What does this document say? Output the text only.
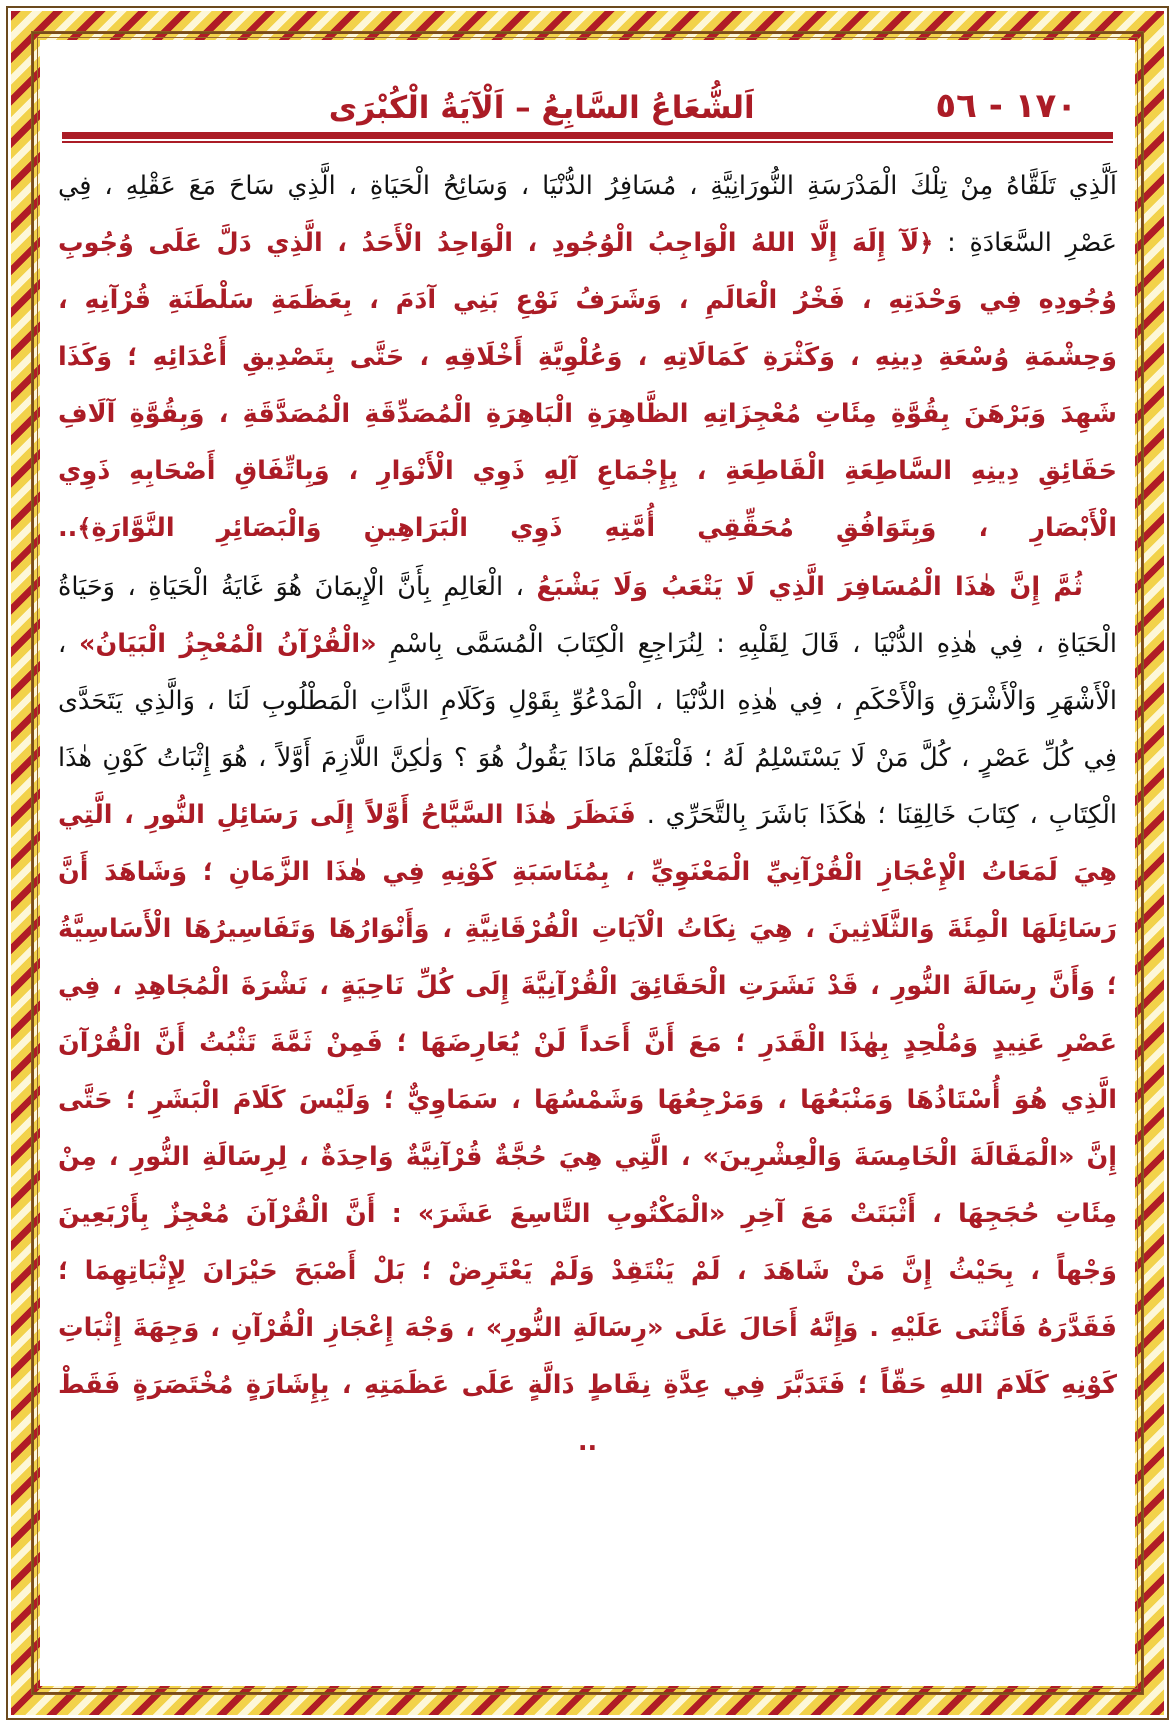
١٧٠ - ٥٦
اَلشُّعَاعُ السَّابِعُ – اَلْآيَةُ الْكُبْرَى

اَلَّذِي تَلَقَّاهُ مِنْ تِلْكَ الْمَدْرَسَةِ النُّورَانِيَّةِ ، مُسَافِرُ الدُّنْيَا ، وَسَائِحُ الْحَيَاةِ ، الَّذِي سَاحَ مَعَ عَقْلِهِ ، فِي عَصْرِ السَّعَادَةِ : ﴿لَآ إِلَهَ إِلَّا اللهُ الْوَاجِبُ الْوُجُودِ ، الْوَاحِدُ الْأَحَدُ ، الَّذِي دَلَّ عَلَى وُجُوبِ وُجُودِهِ فِي وَحْدَتِهِ ، فَخْرُ الْعَالَمِ ، وَشَرَفُ نَوْعِ بَنِي آدَمَ ، بِعَظَمَةِ سَلْطَنَةِ قُرْآنِهِ ، وَحِشْمَةِ وُسْعَةِ دِينِهِ ، وَكَثْرَةِ كَمَالَاتِهِ ، وَعُلْوِيَّةِ أَخْلَاقِهِ ، حَتَّى بِتَصْدِيقِ أَعْدَائِهِ ؛ وَكَذَا شَهِدَ وَبَرْهَنَ بِقُوَّةِ مِئَاتِ مُعْجِزَاتِهِ الظَّاهِرَةِ الْبَاهِرَةِ الْمُصَدِّقَةِ الْمُصَدَّقَةِ ، وَبِقُوَّةِ آلَافِ حَقَائِقِ دِينِهِ السَّاطِعَةِ الْقَاطِعَةِ ، بِإِجْمَاعِ آلِهِ ذَوِي الْأَنْوَارِ ، وَبِاتِّفَاقِ أَصْحَابِهِ ذَوِي الْأَبْصَارِ ، وَبِتَوَافُقِ مُحَقِّقِي أُمَّتِهِ ذَوِي الْبَرَاهِينِ وَالْبَصَائِرِ النَّوَّارَةِ﴾..

ثُمَّ إِنَّ هٰذَا الْمُسَافِرَ الَّذِي لَا يَتْعَبُ وَلَا يَشْبَعُ ، الْعَالِمِ بِأَنَّ الْإِيمَانَ هُوَ غَايَةُ الْحَيَاةِ ، وَحَيَاةُ الْحَيَاةِ ، فِي هٰذِهِ الدُّنْيَا ، قَالَ لِقَلْبِهِ : لِنُرَاجِعِ الْكِتَابَ الْمُسَمَّى بِاسْمِ «الْقُرْآنُ الْمُعْجِزُ الْبَيَانُ» ، الْأَشْهَرِ وَالْأَشْرَقِ وَالْأَحْكَمِ ، فِي هٰذِهِ الدُّنْيَا ، الْمَدْعُوِّ بِقَوْلِ وَكَلَامِ الذَّاتِ الْمَطْلُوبِ لَنَا ، وَالَّذِي يَتَحَدَّى فِي كُلِّ عَصْرٍ ، كُلَّ مَنْ لَا يَسْتَسْلِمُ لَهُ ؛ فَلْنَعْلَمْ مَاذَا يَقُولُ هُوَ ؟ وَلٰكِنَّ اللَّازِمَ أَوَّلاً ، هُوَ إِثْبَاتُ كَوْنِ هٰذَا الْكِتَابِ ، كِتَابَ خَالِقِنَا ؛ هٰكَذَا بَاشَرَ بِالتَّحَرِّي . فَنَظَرَ هٰذَا السَّيَّاحُ أَوَّلاً إِلَى رَسَائِلِ النُّورِ ، الَّتِي هِيَ لَمَعَاتُ الْإِعْجَازِ الْقُرْآنِيِّ الْمَعْنَوِيِّ ، بِمُنَاسَبَةِ كَوْنِهِ فِي هٰذَا الزَّمَانِ ؛ وَشَاهَدَ أَنَّ رَسَائِلَهَا الْمِئَةَ وَالثَّلَاثِينَ ، هِيَ نِكَاتُ الْآيَاتِ الْفُرْقَانِيَّةِ ، وَأَنْوَارُهَا وَتَفَاسِيرُهَا الْأَسَاسِيَّةُ ؛ وَأَنَّ رِسَالَةَ النُّورِ ، قَدْ نَشَرَتِ الْحَقَائِقَ الْقُرْآنِيَّةَ إِلَى كُلِّ نَاحِيَةٍ ، نَشْرَةَ الْمُجَاهِدِ ، فِي عَصْرِ عَنِيدٍ وَمُلْحِدٍ بِهٰذَا الْقَدَرِ ؛ مَعَ أَنَّ أَحَداً لَنْ يُعَارِضَهَا ؛ فَمِنْ ثَمَّةَ تَثْبُتُ أَنَّ الْقُرْآنَ الَّذِي هُوَ أُسْتَاذُهَا وَمَنْبَعُهَا ، وَمَرْجِعُهَا وَشَمْسُهَا ، سَمَاوِيٌّ ؛ وَلَيْسَ كَلَامَ الْبَشَرِ ؛ حَتَّى إِنَّ «الْمَقَالَةَ الْخَامِسَةَ وَالْعِشْرِينَ» ، الَّتِي هِيَ حُجَّةٌ قُرْآنِيَّةٌ وَاحِدَةٌ ، لِرِسَالَةِ النُّورِ ، مِنْ مِئَاتِ حُجَجِهَا ، أَثْبَتَتْ مَعَ آخِرِ «الْمَكْتُوبِ التَّاسِعَ عَشَرَ» : أَنَّ الْقُرْآنَ مُعْجِزٌ بِأَرْبَعِينَ وَجْهاً ، بِحَيْثُ إِنَّ مَنْ شَاهَدَ ، لَمْ يَنْتَقِدْ وَلَمْ يَعْتَرِضْ ؛ بَلْ أَصْبَحَ حَيْرَانَ لِإِثْبَاتِهِمَا ؛ فَقَدَّرَهُ فَأَثْنَى عَلَيْهِ . وَإِنَّهُ أَحَالَ عَلَى «رِسَالَةِ النُّورِ» ، وَجْهَ إِعْجَازِ الْقُرْآنِ ، وَجِهَةَ إِثْبَاتِ كَوْنِهِ كَلَامَ اللهِ حَقّاً ؛ فَتَدَبَّرَ فِي عِدَّةِ نِقَاطٍ دَالَّةٍ عَلَى عَظَمَتِهِ ، بِإِشَارَةٍ مُخْتَصَرَةٍ فَقَطْ ..
